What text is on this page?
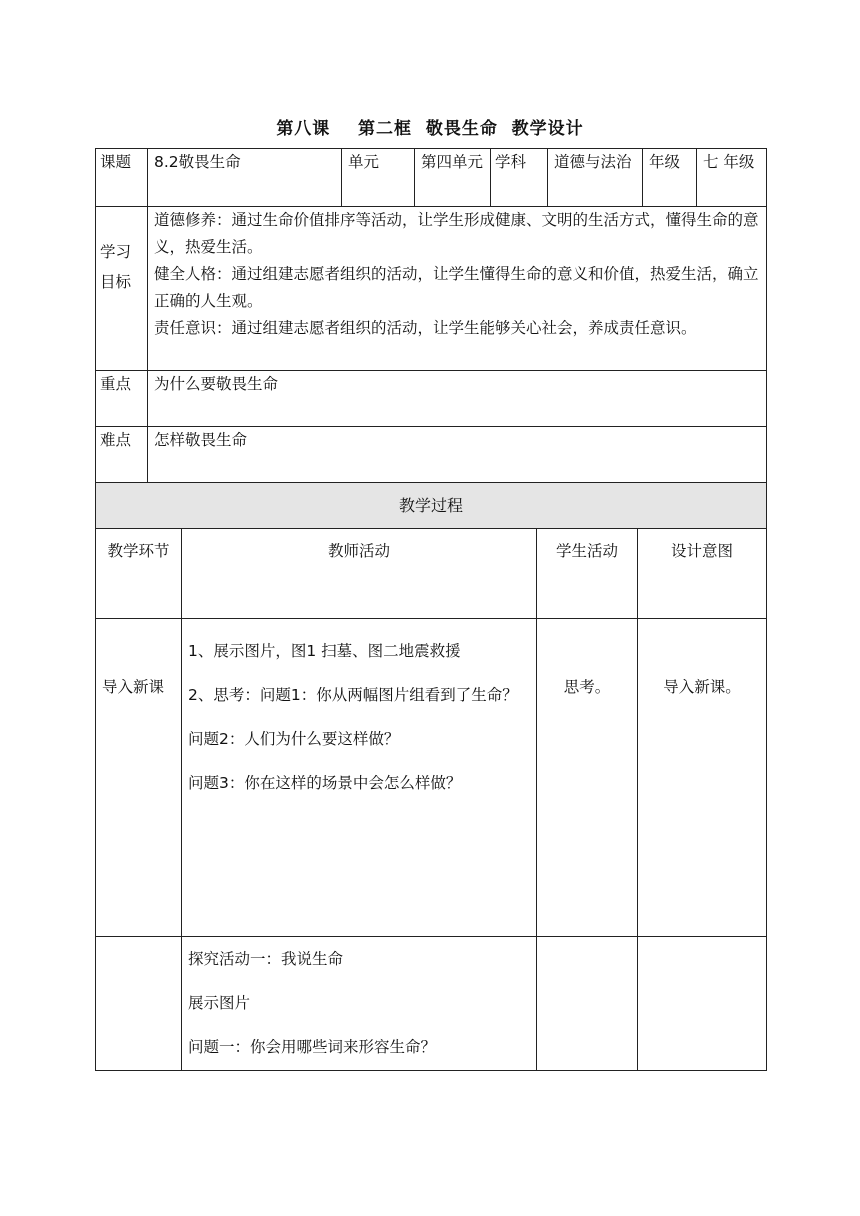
第八课    第二框  敬畏生命  教学设计
课题	8.2敬畏生命	单元	第四单元	学科	道德与法治	年级	七 年级
学习目标	道德修养：通过生命价值排序等活动，让学生形成健康、文明的生活方式，懂得生命的意义，热爱生活。
健全人格：通过组建志愿者组织的活动，让学生懂得生命的意义和价值，热爱生活，确立正确的人生观。
责任意识：通过组建志愿者组织的活动，让学生能够关心社会，养成责任意识。						

重点	为什么要敬畏生命						
难点	怎样敬畏生命						
教学过程			
教学环节	教师活动	学生活动	设计意图
导入新课	1、展示图片，图1 扫墓、图二地震救援
2、思考：问题1：你从两幅图片组看到了生命？
问题2：人们为什么要这样做？
问题3：你在这样的场景中会怎么样做？	思考。	导入新课。

	探究活动一：我说生命
展示图片
问题一：你会用哪些词来形容生命？		
